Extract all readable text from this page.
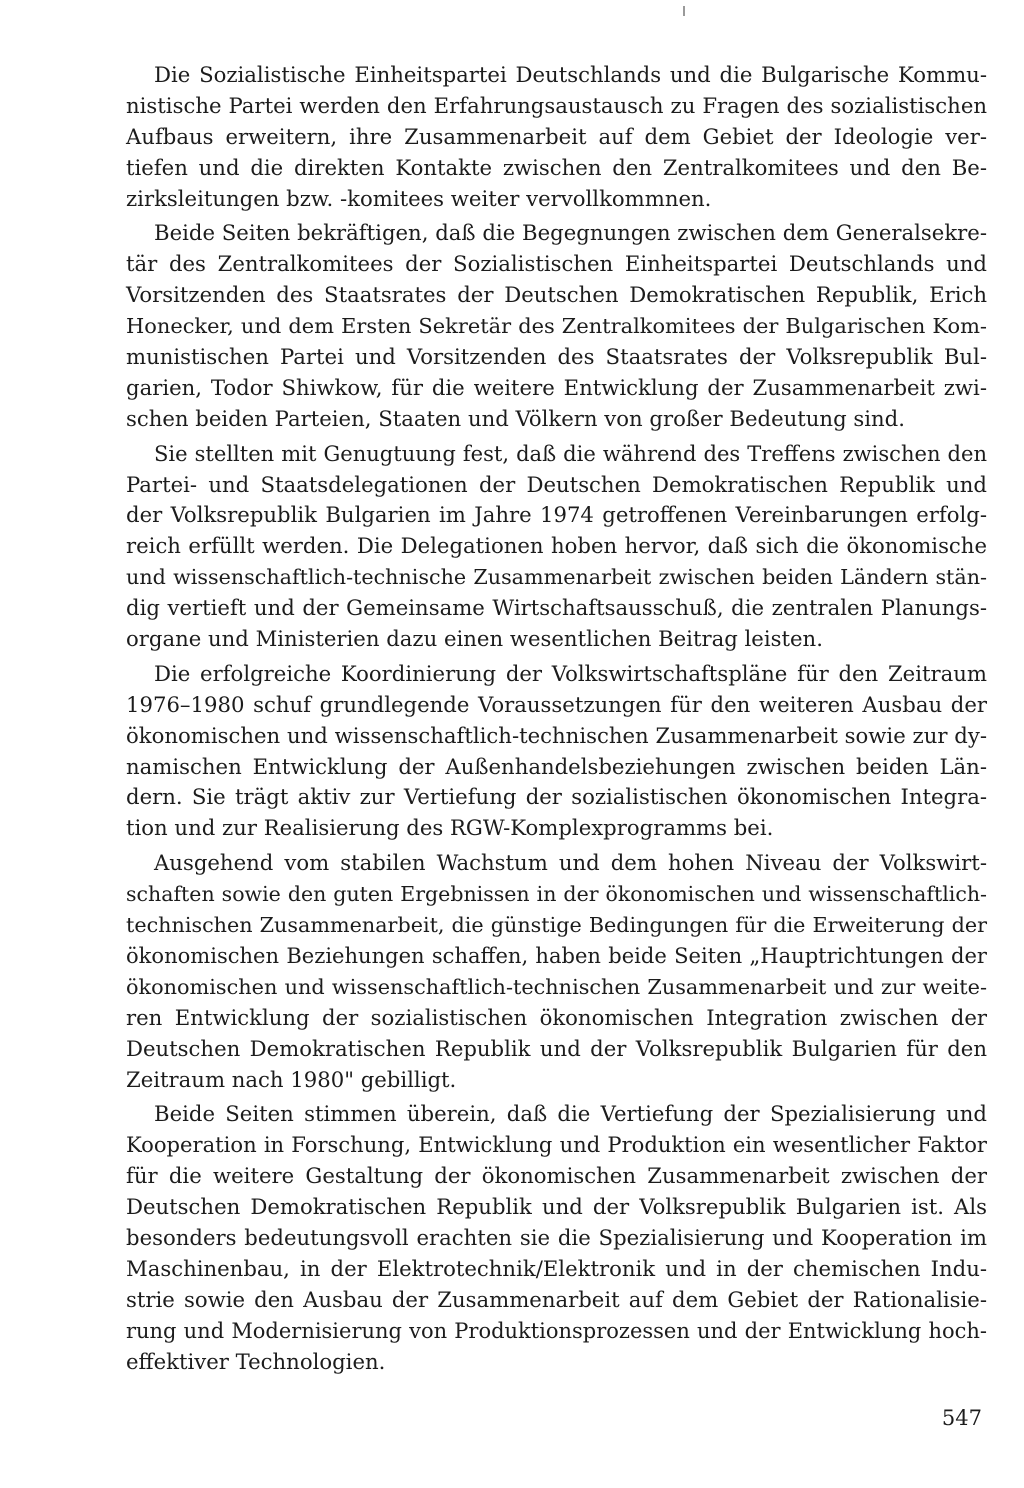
Die Sozialistische Einheitspartei Deutschlands und die Bulgarische Kommu-
nistische Partei werden den Erfahrungsaustausch zu Fragen des sozialistischen
Aufbaus erweitern, ihre Zusammenarbeit auf dem Gebiet der Ideologie ver-
tiefen und die direkten Kontakte zwischen den Zentralkomitees und den Be-
zirksleitungen bzw. -komitees weiter vervollkommnen.
Beide Seiten bekräftigen, daß die Begegnungen zwischen dem Generalsekre-
tär des Zentralkomitees der Sozialistischen Einheitspartei Deutschlands und
Vorsitzenden des Staatsrates der Deutschen Demokratischen Republik, Erich
Honecker, und dem Ersten Sekretär des Zentralkomitees der Bulgarischen Kom-
munistischen Partei und Vorsitzenden des Staatsrates der Volksrepublik Bul-
garien, Todor Shiwkow, für die weitere Entwicklung der Zusammenarbeit zwi-
schen beiden Parteien, Staaten und Völkern von großer Bedeutung sind.
Sie stellten mit Genugtuung fest, daß die während des Treffens zwischen den
Partei- und Staatsdelegationen der Deutschen Demokratischen Republik und
der Volksrepublik Bulgarien im Jahre 1974 getroffenen Vereinbarungen erfolg-
reich erfüllt werden. Die Delegationen hoben hervor, daß sich die ökonomische
und wissenschaftlich-technische Zusammenarbeit zwischen beiden Ländern stän-
dig vertieft und der Gemeinsame Wirtschaftsausschuß, die zentralen Planungs-
organe und Ministerien dazu einen wesentlichen Beitrag leisten.
Die erfolgreiche Koordinierung der Volkswirtschaftspläne für den Zeitraum
1976–1980 schuf grundlegende Voraussetzungen für den weiteren Ausbau der
ökonomischen und wissenschaftlich-technischen Zusammenarbeit sowie zur dy-
namischen Entwicklung der Außenhandelsbeziehungen zwischen beiden Län-
dern. Sie trägt aktiv zur Vertiefung der sozialistischen ökonomischen Integra-
tion und zur Realisierung des RGW-Komplexprogramms bei.
Ausgehend vom stabilen Wachstum und dem hohen Niveau der Volkswirt-
schaften sowie den guten Ergebnissen in der ökonomischen und wissenschaftlich-
technischen Zusammenarbeit, die günstige Bedingungen für die Erweiterung der
ökonomischen Beziehungen schaffen, haben beide Seiten „Hauptrichtungen der
ökonomischen und wissenschaftlich-technischen Zusammenarbeit und zur weite-
ren Entwicklung der sozialistischen ökonomischen Integration zwischen der
Deutschen Demokratischen Republik und der Volksrepublik Bulgarien für den
Zeitraum nach 1980" gebilligt.
Beide Seiten stimmen überein, daß die Vertiefung der Spezialisierung und
Kooperation in Forschung, Entwicklung und Produktion ein wesentlicher Faktor
für die weitere Gestaltung der ökonomischen Zusammenarbeit zwischen der
Deutschen Demokratischen Republik und der Volksrepublik Bulgarien ist. Als
besonders bedeutungsvoll erachten sie die Spezialisierung und Kooperation im
Maschinenbau, in der Elektrotechnik/Elektronik und in der chemischen Indu-
strie sowie den Ausbau der Zusammenarbeit auf dem Gebiet der Rationalisie-
rung und Modernisierung von Produktionsprozessen und der Entwicklung hoch-
effektiver Technologien.
547
